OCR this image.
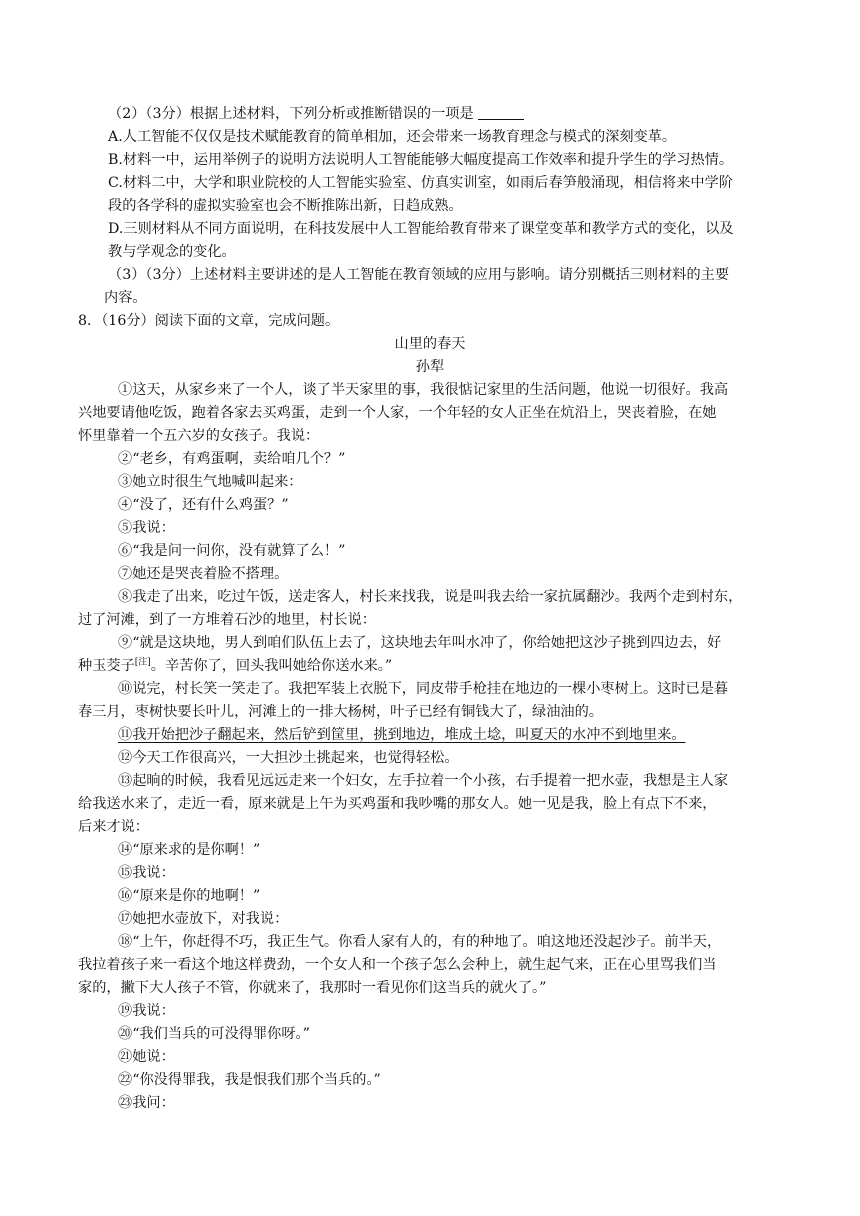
（2）（3分）根据上述材料，下列分析或推断错误的一项是
A.人工智能不仅仅是技术赋能教育的简单相加，还会带来一场教育理念与模式的深刻变革。
B.材料一中，运用举例子的说明方法说明人工智能能够大幅度提高工作效率和提升学生的学习热情。
C.材料二中，大学和职业院校的人工智能实验室、仿真实训室，如雨后春笋般涌现，相信将来中学阶
段的各学科的虚拟实验室也会不断推陈出新，日趋成熟。
D.三则材料从不同方面说明，在科技发展中人工智能给教育带来了课堂变革和教学方式的变化，以及
教与学观念的变化。
（3）（3分）上述材料主要讲述的是人工智能在教育领域的应用与影响。请分别概括三则材料的主要
内容。
8．（16分）阅读下面的文章，完成问题。
山里的春天
孙犁
①这天，从家乡来了一个人，谈了半天家里的事，我很惦记家里的生活问题，他说一切很好。我高
兴地要请他吃饭，跑着各家去买鸡蛋，走到一个人家，一个年轻的女人正坐在炕沿上，哭丧着脸，在她
怀里靠着一个五六岁的女孩子。我说：
②“老乡，有鸡蛋啊，卖给咱几个？”
③她立时很生气地喊叫起来：
④“没了，还有什么鸡蛋？”
⑤我说：
⑥“我是问一问你，没有就算了么！”
⑦她还是哭丧着脸不搭理。
⑧我走了出来，吃过午饭，送走客人，村长来找我，说是叫我去给一家抗属翻沙。我两个走到村东，
过了河滩，到了一方堆着石沙的地里，村长说：
⑨“就是这块地，男人到咱们队伍上去了，这块地去年叫水冲了，你给她把这沙子挑到四边去，好
种玉茭子[注]。辛苦你了，回头我叫她给你送水来。”
⑩说完，村长笑一笑走了。我把军装上衣脱下，同皮带手枪挂在地边的一棵小枣树上。这时已是暮
春三月，枣树快要长叶儿，河滩上的一排大杨树，叶子已经有铜钱大了，绿油油的。
⑪我开始把沙子翻起来，然后铲到筐里，挑到地边，堆成土埝，叫夏天的水冲不到地里来。
⑫今天工作很高兴，一大担沙土挑起来，也觉得轻松。
⑬起晌的时候，我看见远远走来一个妇女，左手拉着一个小孩，右手提着一把水壶，我想是主人家
给我送水来了，走近一看，原来就是上午为买鸡蛋和我吵嘴的那女人。她一见是我，脸上有点下不来，
后来才说：
⑭“原来求的是你啊！”
⑮我说：
⑯“原来是你的地啊！”
⑰她把水壶放下，对我说：
⑱“上午，你赶得不巧，我正生气。你看人家有人的，有的种地了。咱这地还没起沙子。前半天，
我拉着孩子来一看这个地这样费劲，一个女人和一个孩子怎么会种上，就生起气来，正在心里骂我们当
家的，撇下大人孩子不管，你就来了，我那时一看见你们这当兵的就火了。”
⑲我说：
⑳“我们当兵的可没得罪你呀。”
㉑她说：
㉒“你没得罪我，我是恨我们那个当兵的。”
㉓我问：
